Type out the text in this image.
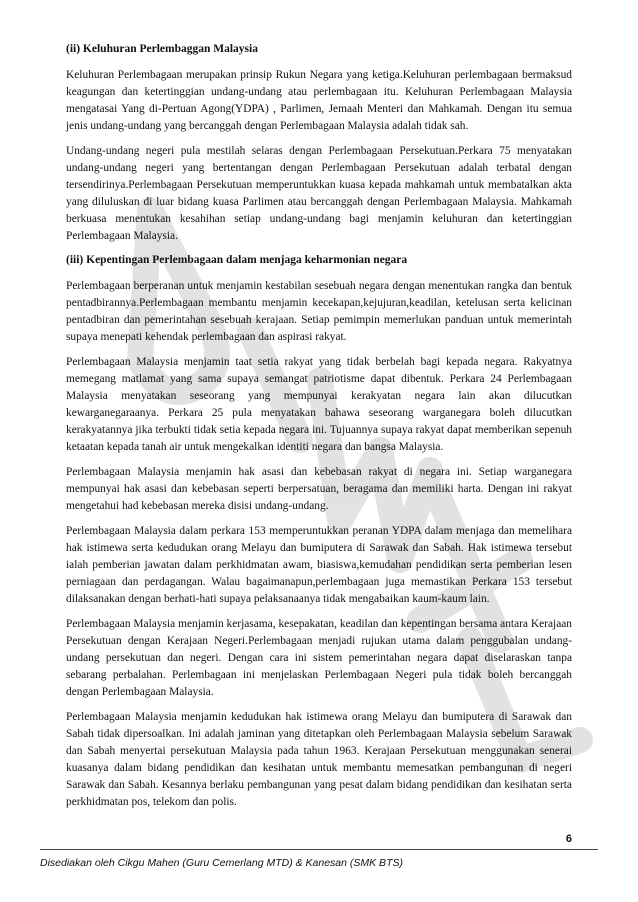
(ii) Keluhuran Perlembaggan Malaysia

Keluhuran Perlembagaan merupakan prinsip Rukun Negara yang ketiga.Keluhuran perlembagaan bermaksud keagungan dan ketertinggian undang-undang atau perlembagaan itu. Keluhuran Perlembagaan Malaysia mengatasai Yang di-Pertuan Agong(YDPA) , Parlimen, Jemaah Menteri dan Mahkamah. Dengan itu semua jenis undang-undang yang bercanggah dengan Perlembagaan Malaysia adalah tidak sah.

Undang-undang negeri pula mestilah selaras dengan Perlembagaan Persekutuan.Perkara 75 menyatakan undang-undang negeri yang bertentangan dengan Perlembagaan Persekutuan adalah terbatal dengan tersendirinya.Perlembagaan Persekutuan memperuntukkan kuasa kepada mahkamah untuk membatalkan akta yang diluluskan di luar bidang kuasa Parlimen atau bercanggah dengan Perlembagaan Malaysia. Mahkamah berkuasa menentukan kesahihan setiap undang-undang bagi menjamin keluhuran dan ketertinggian Perlembagaan Malaysia.

(iii) Kepentingan Perlembagaan dalam menjaga keharmonian negara

Perlembagaan berperanan untuk menjamin kestabilan sesebuah negara dengan menentukan rangka dan bentuk pentadbirannya.Perlembagaan membantu menjamin kecekapan,kejujuran,keadilan, ketelusan serta kelicinan pentadbiran dan pemerintahan sesebuah kerajaan. Setiap pemimpin memerlukan panduan untuk memerintah supaya menepati kehendak perlembagaan dan aspirasi rakyat.

Perlembagaan Malaysia menjamin taat setia rakyat yang tidak berbelah bagi kepada negara. Rakyatnya memegang matlamat yang sama supaya semangat patriotisme dapat dibentuk. Perkara 24 Perlembagaan Malaysia menyatakan seseorang yang mempunyai kerakyatan negara lain akan dilucutkan kewarganegaraanya. Perkara 25 pula menyatakan bahawa seseorang warganegara boleh dilucutkan kerakyatannya jika terbukti tidak setia kepada negara ini. Tujuannya supaya rakyat dapat memberikan sepenuh ketaatan kepada tanah air untuk mengekalkan identiti negara dan bangsa Malaysia.

Perlembagaan Malaysia menjamin hak asasi dan kebebasan rakyat di negara ini. Setiap warganegara mempunyai hak asasi dan kebebasan seperti berpersatuan, beragama dan memiliki harta. Dengan ini rakyat mengetahui had kebebasan mereka disisi undang-undang.

Perlembagaan Malaysia dalam perkara 153 memperuntukkan peranan YDPA dalam menjaga dan memelihara hak istimewa serta kedudukan orang Melayu dan bumiputera di Sarawak dan Sabah. Hak istimewa tersebut ialah pemberian jawatan dalam perkhidmatan awam, biasiswa,kemudahan pendidikan serta pemberian lesen perniagaan dan perdagangan. Walau bagaimanapun,perlembagaan juga memastikan Perkara 153 tersebut dilaksanakan dengan berhati-hati supaya pelaksanaanya tidak mengabaikan kaum-kaum lain.

Perlembagaan Malaysia menjamin kerjasama, kesepakatan, keadilan dan kepentingan bersama antara Kerajaan Persekutuan dengan Kerajaan Negeri.Perlembagaan menjadi rujukan utama dalam penggubalan undang-undang persekutuan dan negeri. Dengan cara ini sistem pemerintahan negara dapat diselaraskan tanpa sebarang perbalahan. Perlembagaan ini menjelaskan Perlembagaan Negeri pula tidak boleh bercanggah dengan Perlembagaan Malaysia.

Perlembagaan Malaysia menjamin kedudukan hak istimewa orang Melayu dan bumiputera di Sarawak dan Sabah tidak dipersoalkan. Ini adalah jaminan yang ditetapkan oleh Perlembagaan Malaysia sebelum Sarawak dan Sabah menyertai persekutuan Malaysia pada tahun 1963. Kerajaan Persekutuan menggunakan senerai kuasanya dalam bidang pendidikan dan kesihatan untuk membantu memesatkan pembangunan di negeri Sarawak dan Sabah. Kesannya berlaku pembangunan yang pesat dalam bidang pendidikan dan kesihatan serta perkhidmatan pos, telekom dan polis.

6
Disediakan oleh Cikgu Mahen (Guru Cemerlang MTD) & Kanesan (SMK BTS)
